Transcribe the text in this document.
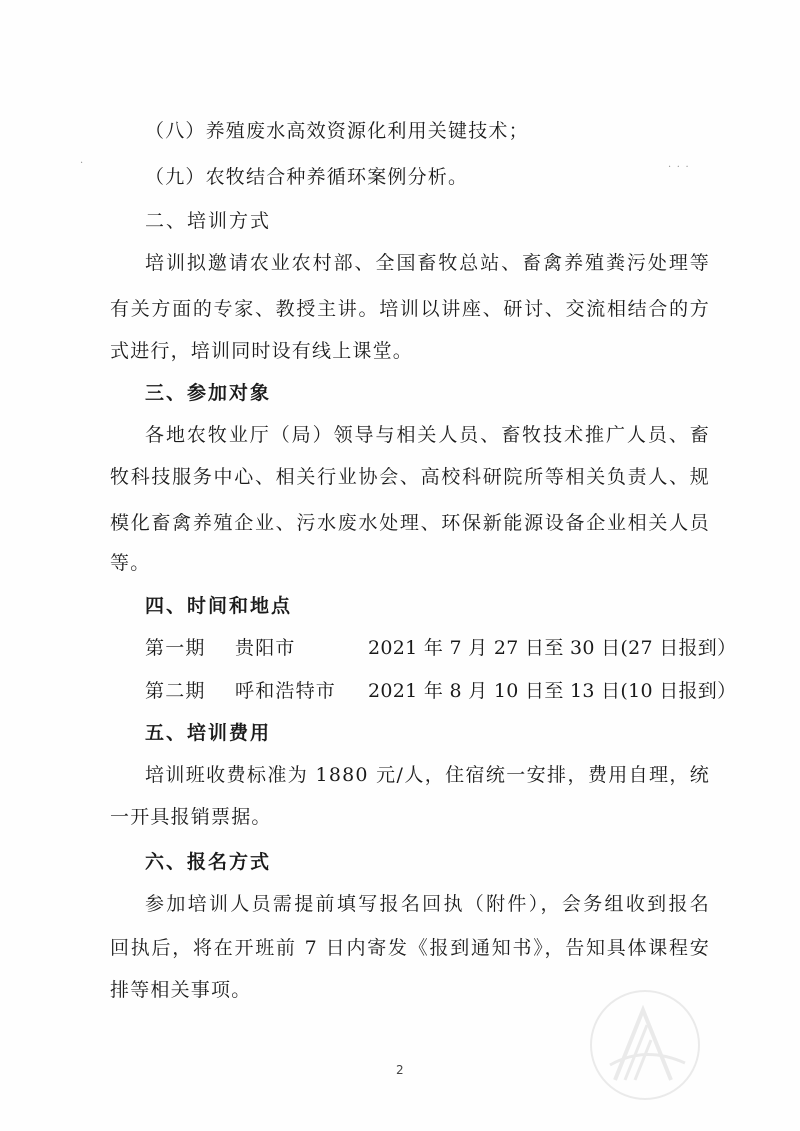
（八）养殖废水高效资源化利用关键技术；
（九）农牧结合种养循环案例分析。
二、培训方式
培训拟邀请农业农村部、全国畜牧总站、畜禽养殖粪污处理等
有关方面的专家、教授主讲。培训以讲座、研讨、交流相结合的方
式进行，培训同时设有线上课堂。
三、参加对象
各地农牧业厅（局）领导与相关人员、畜牧技术推广人员、畜
牧科技服务中心、相关行业协会、高校科研院所等相关负责人、规
模化畜禽养殖企业、污水废水处理、环保新能源设备企业相关人员
等。
四、时间和地点
第一期 贵阳市	2021 年 7 月 27 日至 30 日(27 日报到）
第二期 呼和浩特市 2021 年 8 月 10 日至 13 日(10 日报到）
五、培训费用
培训班收费标准为 1880 元/人，住宿统一安排，费用自理，统
一开具报销票据。
六、报名方式
参加培训人员需提前填写报名回执（附件），会务组收到报名
回执后，将在开班前 7 日内寄发《报到通知书》，告知具体课程安
排等相关事项。
2
·	· · ·
